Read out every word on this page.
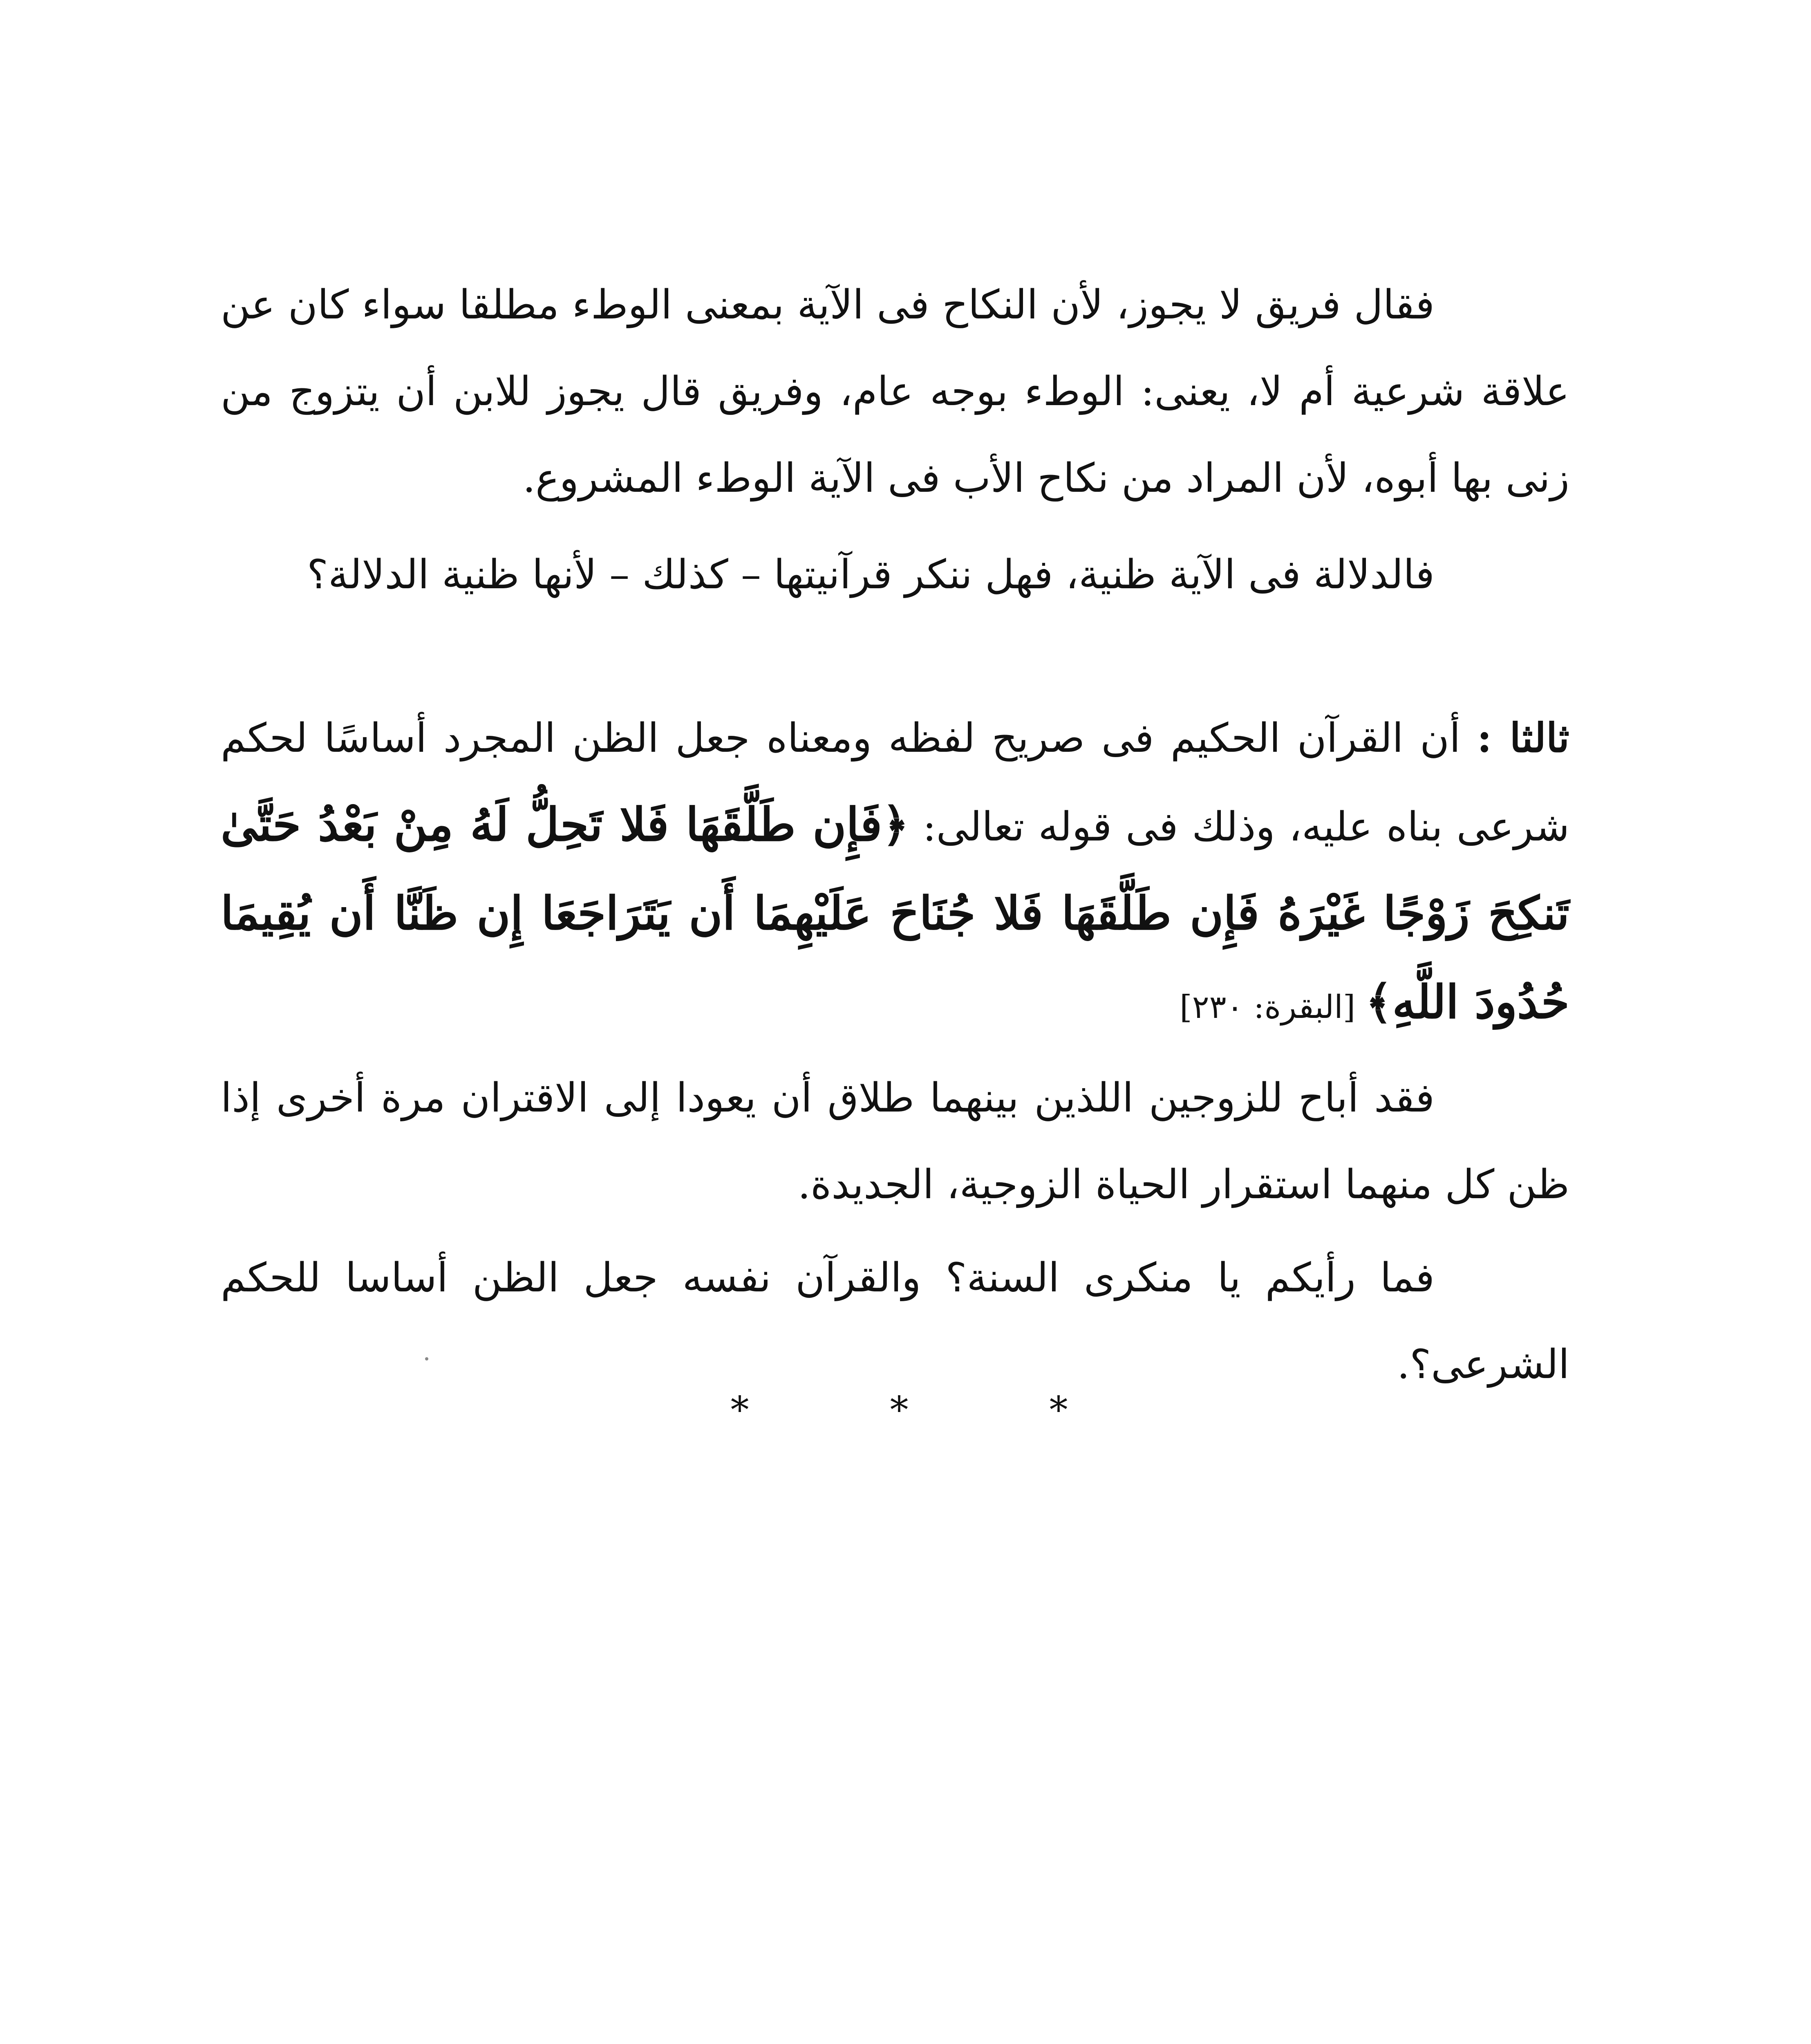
فقال فريق لا يجوز، لأن النكاح فى الآية بمعنى الوطء مطلقا سواء كان عن علاقة شرعية أم لا، يعنى: الوطء بوجه عام، وفريق قال يجوز للابن أن يتزوج من زنى بها أبوه، لأن المراد من نكاح الأب فى الآية الوطء المشروع.

فالدلالة فى الآية ظنية، فهل ننكر قرآنيتها – كذلك – لأنها ظنية الدلالة؟

ثالثا : أن القرآن الحكيم فى صريح لفظه ومعناه جعل الظن المجرد أساسًا لحكم شرعى بناه عليه، وذلك فى قوله تعالى: ﴿فَإِن طَلَّقَهَا فَلا تَحِلُّ لَهُ مِنْ بَعْدُ حَتَّىٰ تَنكِحَ زَوْجًا غَيْرَهُ فَإِن طَلَّقَهَا فَلا جُنَاحَ عَلَيْهِمَا أَن يَتَرَاجَعَا إِن ظَنَّا أَن يُقِيمَا حُدُودَ اللَّهِ﴾ [البقرة: ٢٣٠]

فقد أباح للزوجين اللذين بينهما طلاق أن يعودا إلى الاقتران مرة أخرى إذا ظن كل منهما استقرار الحياة الزوجية، الجديدة.

فما رأيكم يا منكرى السنة؟ والقرآن نفسه جعل الظن أساسا للحكم الشرعى؟.

*	*	*
